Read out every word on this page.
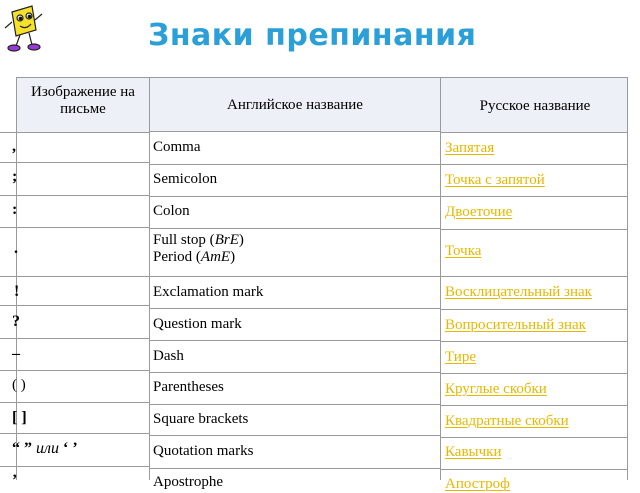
Знаки препинания
Изображение на письме	Английское название	Русское название
,
;
:
.
!
?
–
( )
[ ]
“ ” или ‘ ’
’
Comma
Semicolon
Colon
Full stop (BrE)
Period (AmE)
Exclamation mark
Question mark
Dash
Parentheses
Square brackets
Quotation marks
Apostrophe
Запятая
Точка с запятой
Двоеточие
Точка
Восклицательный знак
Вопросительный знак
Тире
Круглые скобки
Квадратные скобки
Кавычки
Апостроф
